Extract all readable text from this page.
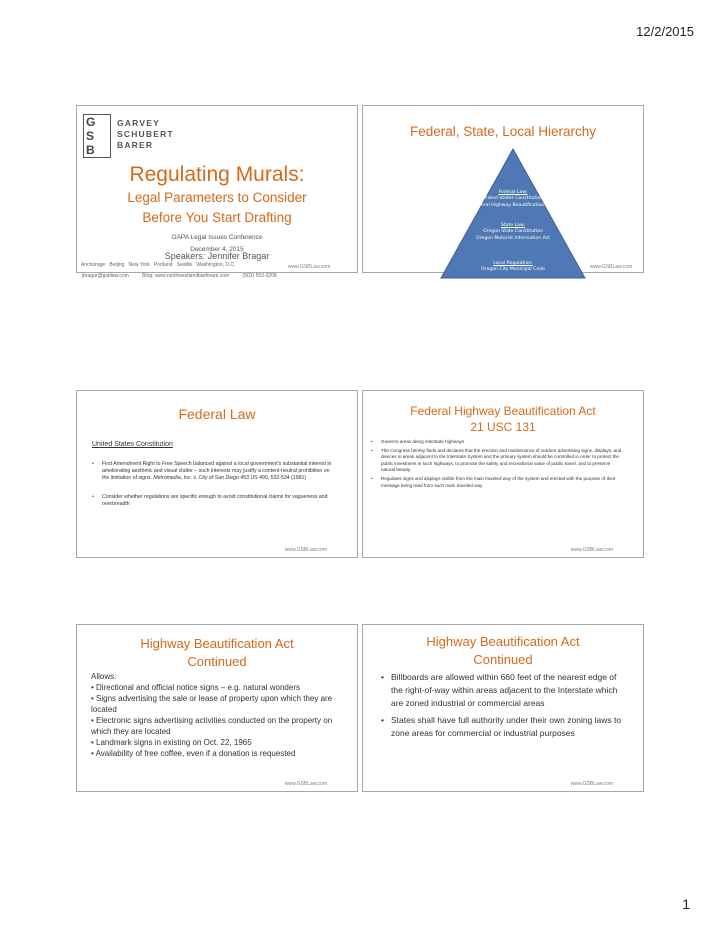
12/2/2015
G
S
B
GARVEY
SCHUBERT
BARER
Regulating Murals:
Legal Parameters to Consider
Before You Start Drafting
OAPA Legal Issues Conference
December 4, 2015
Speakers: Jennifer Bragar
jbragar@gsblaw.com	Blog: www.northwestlandlawforum.com	(503) 553-3208
Anchorage Beijing New York Portland Seattle Washington, D.C.	www.GSBLaw.com
Federal, State, Local Hierarchy
Federal Law:
United States Constitution
Federal Highway Beautification Act
State Law:
Oregon State Constitution
Oregon Motorist Information Act
Local Regulation:
Oregon City Municipal Code	www.GSBLaw.com
Federal Law
United States Constitution
• First Amendment Right to Free Speech balanced against a local government's substantial interest in ameliorating aesthetic and visual clutter – such interests may justify a content-neutral prohibition on the limitation of signs. Metromedia, Inc. v. City of San Diego 453 US 490, 532-534 (1981)
• Consider whether regulations are specific enough to avoid constitutional claims for vagueness and overbreadth
www.GSBLaw.com
Federal Highway Beautification Act
21 USC 131
• Governs areas along interstate highways
• The Congress hereby finds and declares that the erection and maintenance of outdoor advertising signs, displays, and devices in areas adjacent to the Interstate System and the primary system should be controlled in order to protect the public investment in such highways, to promote the safety and recreational value of public travel, and to preserve natural beauty.
• Regulates signs and displays visible from the main traveled way of the system and erected with the purpose of their message being read from such main traveled way
www.GSBLaw.com
Highway Beautification Act
Continued
Allows:
• Directional and official notice signs – e.g. natural wonders
• Signs advertising the sale or lease of property upon which they are located
• Electronic signs advertising activities conducted on the property on which they are located
• Landmark signs in existing on Oct. 22, 1965
• Availability of free coffee, even if a donation is requested
www.GSBLaw.com
Highway Beautification Act
Continued
• Billboards are allowed within 660 feet of the nearest edge of the right-of-way within areas adjacent to the Interstate which are zoned industrial or commercial areas
• States shall have full authority under their own zoning laws to zone areas for commercial or industrial purposes
www.GSBLaw.com
1
